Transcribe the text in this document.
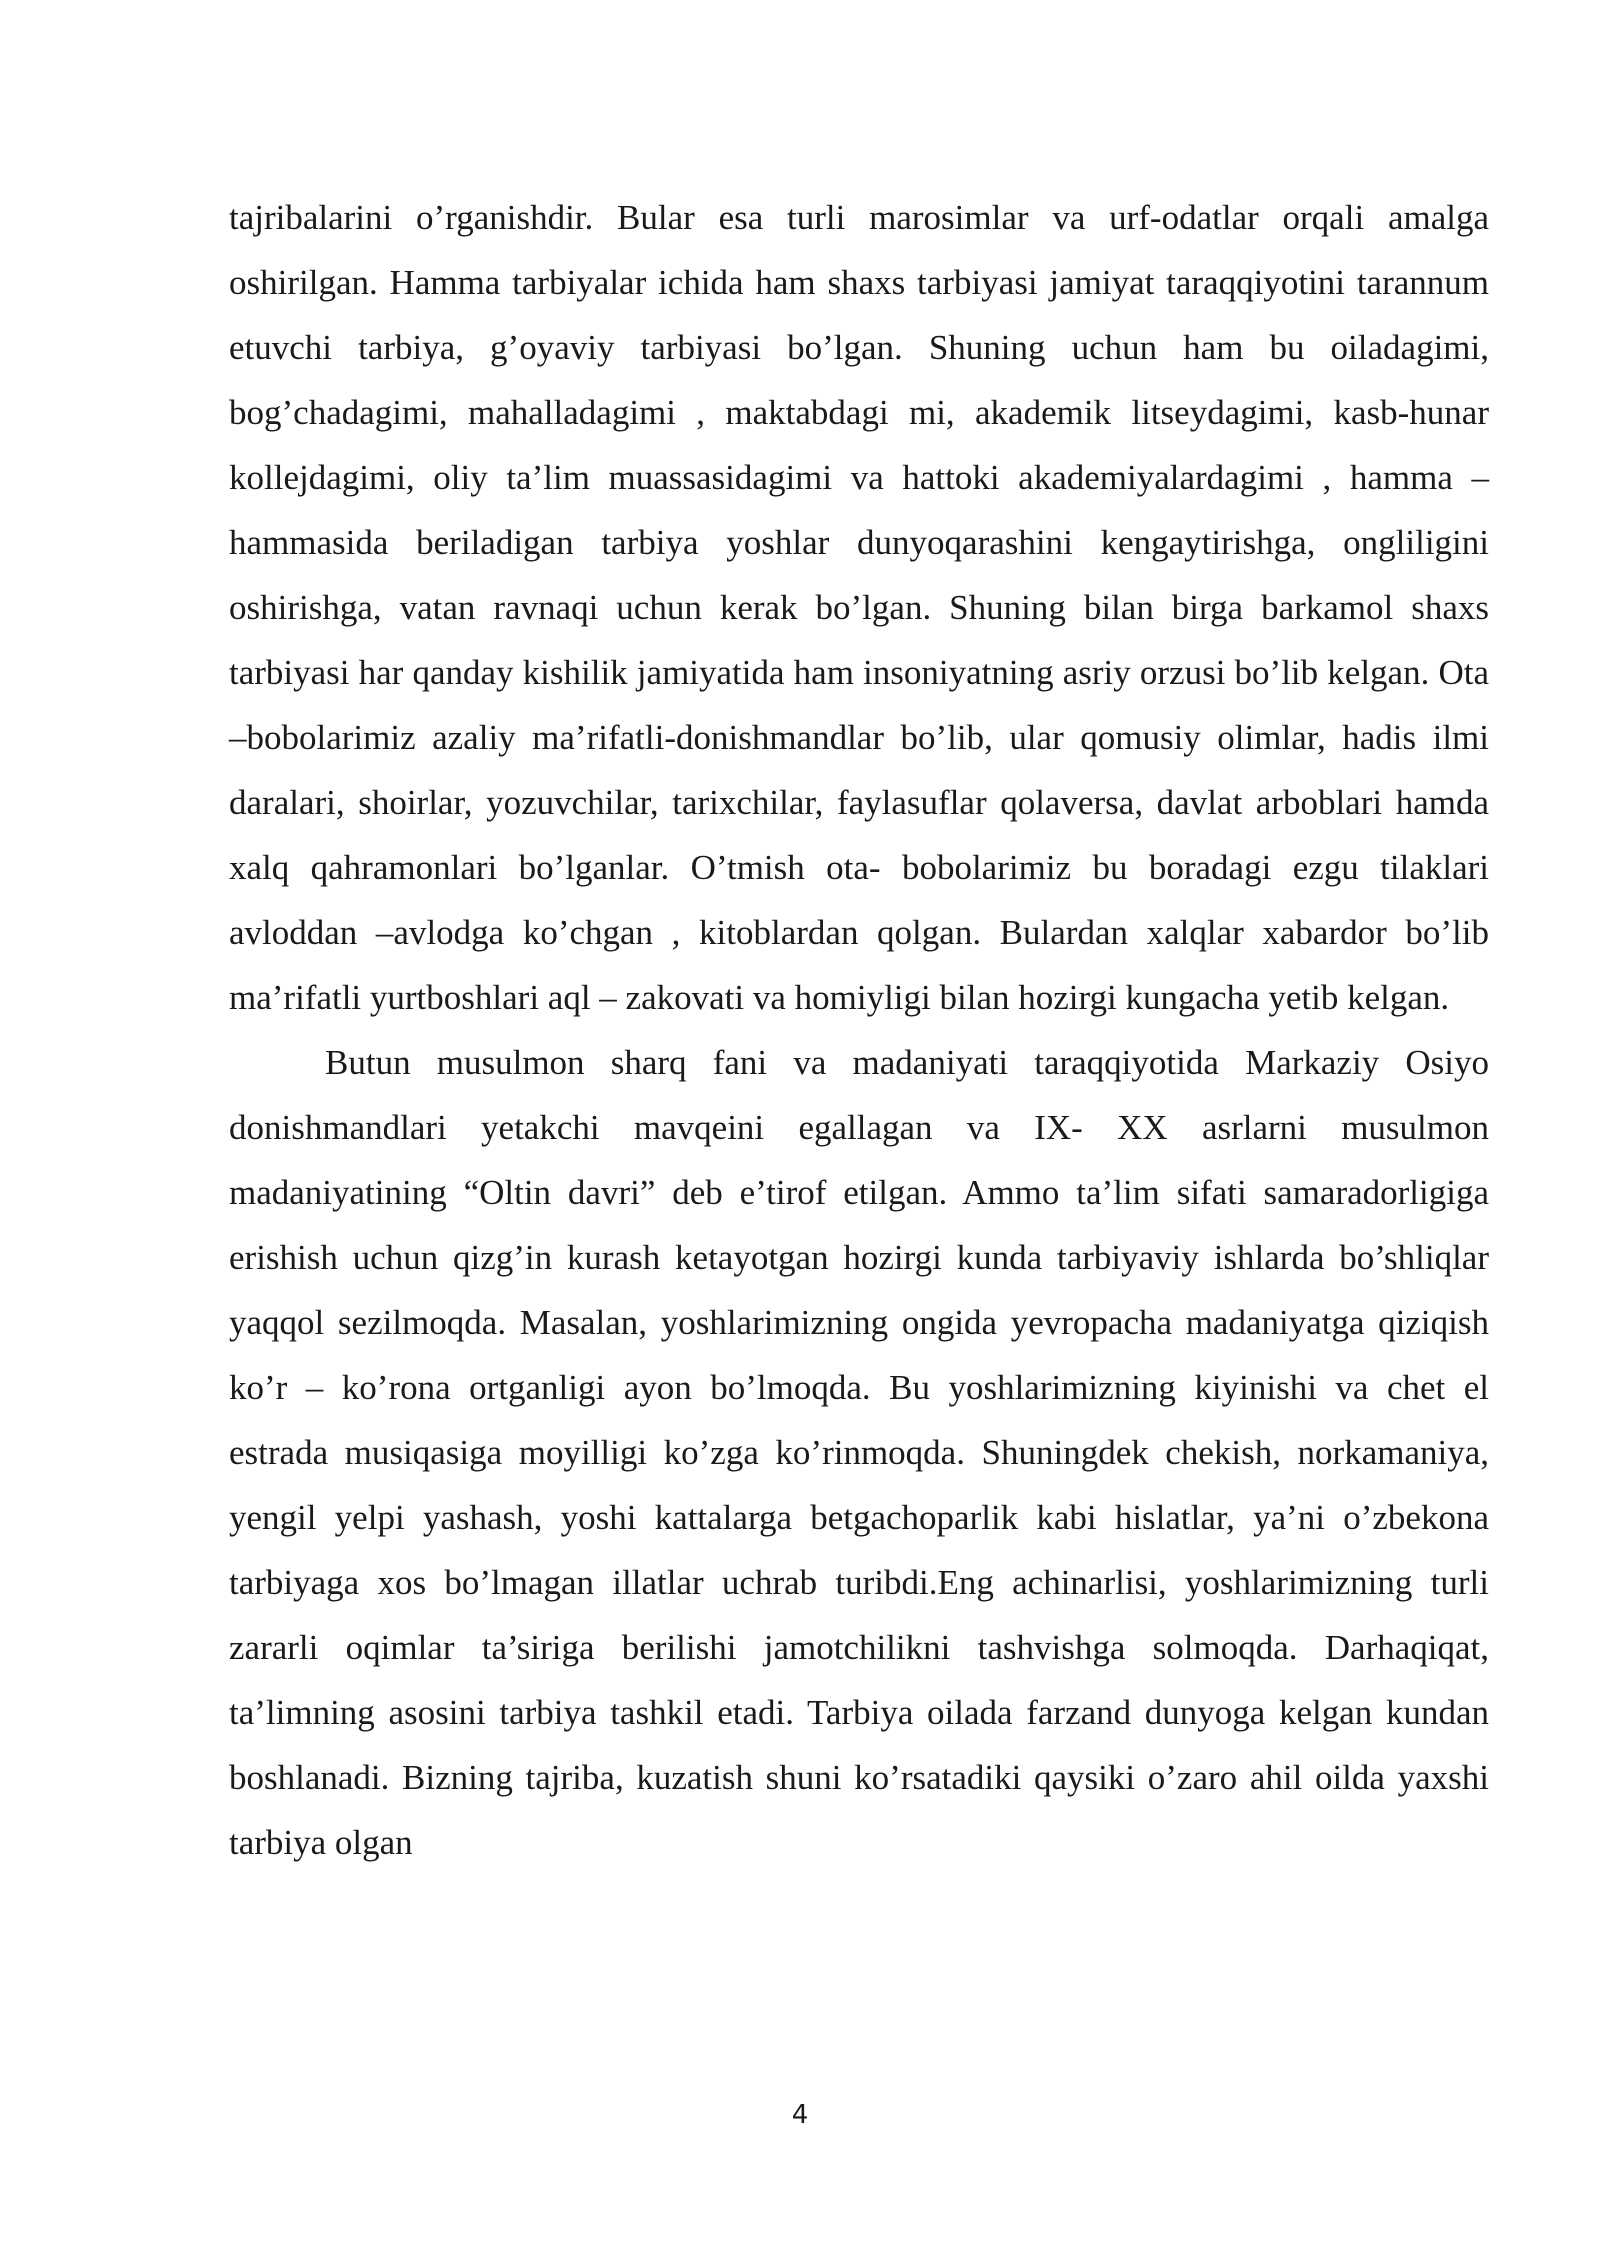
tajribalarini o’rganishdir. Bular esa turli marosimlar va urf-odatlar orqali amalga oshirilgan. Hamma tarbiyalar ichida ham shaxs tarbiyasi jamiyat taraqqiyotini tarannum etuvchi tarbiya, g’oyaviy tarbiyasi bo’lgan. Shuning uchun ham bu oiladagimi, bog’chadagimi, mahalladagimi , maktabdagi mi, akademik litseydagimi, kasb-hunar kollejdagimi, oliy ta’lim muassasidagimi va hattoki akademiyalardagimi , hamma –hammasida beriladigan tarbiya yoshlar dunyoqarashini kengaytirishga, ongliligini oshirishga, vatan ravnaqi uchun kerak bo’lgan. Shuning bilan birga barkamol shaxs tarbiyasi har qanday kishilik jamiyatida ham insoniyatning asriy orzusi bo’lib kelgan. Ota –bobolarimiz azaliy ma’rifatli-donishmandlar bo’lib, ular qomusiy olimlar, hadis ilmi daralari, shoirlar, yozuvchilar, tarixchilar, faylasuflar qolaversa, davlat arboblari hamda xalq qahramonlari bo’lganlar. O’tmish ota- bobolarimiz bu boradagi ezgu tilaklari avloddan –avlodga ko’chgan , kitoblardan qolgan. Bulardan xalqlar xabardor bo’lib ma’rifatli yurtboshlari aql – zakovati va homiyligi bilan hozirgi kungacha yetib kelgan.

Butun musulmon sharq fani va madaniyati taraqqiyotida Markaziy Osiyo donishmandlari yetakchi mavqeini egallagan va IX- XX asrlarni musulmon madaniyatining “Oltin davri” deb e’tirof etilgan. Ammo ta’lim sifati samaradorligiga erishish uchun qizg’in kurash ketayotgan hozirgi kunda tarbiyaviy ishlarda bo’shliqlar yaqqol sezilmoqda. Masalan, yoshlarimizning ongida yevropacha madaniyatga qiziqish ko’r – ko’rona ortganligi ayon bo’lmoqda. Bu yoshlarimizning kiyinishi va chet el estrada musiqasiga moyilligi ko’zga ko’rinmoqda. Shuningdek chekish, norkamaniya, yengil yelpi yashash, yoshi kattalarga betgachoparlik kabi hislatlar, ya’ni o’zbekona tarbiyaga xos bo’lmagan illatlar uchrab turibdi.Eng achinarlisi, yoshlarimizning turli zararli oqimlar ta’siriga berilishi jamotchilikni tashvishga solmoqda. Darhaqiqat, ta’limning asosini tarbiya tashkil etadi. Tarbiya oilada farzand dunyoga kelgan kundan boshlanadi. Bizning tajriba, kuzatish shuni ko’rsatadiki qaysiki o’zaro ahil oilda yaxshi tarbiya olgan

4
